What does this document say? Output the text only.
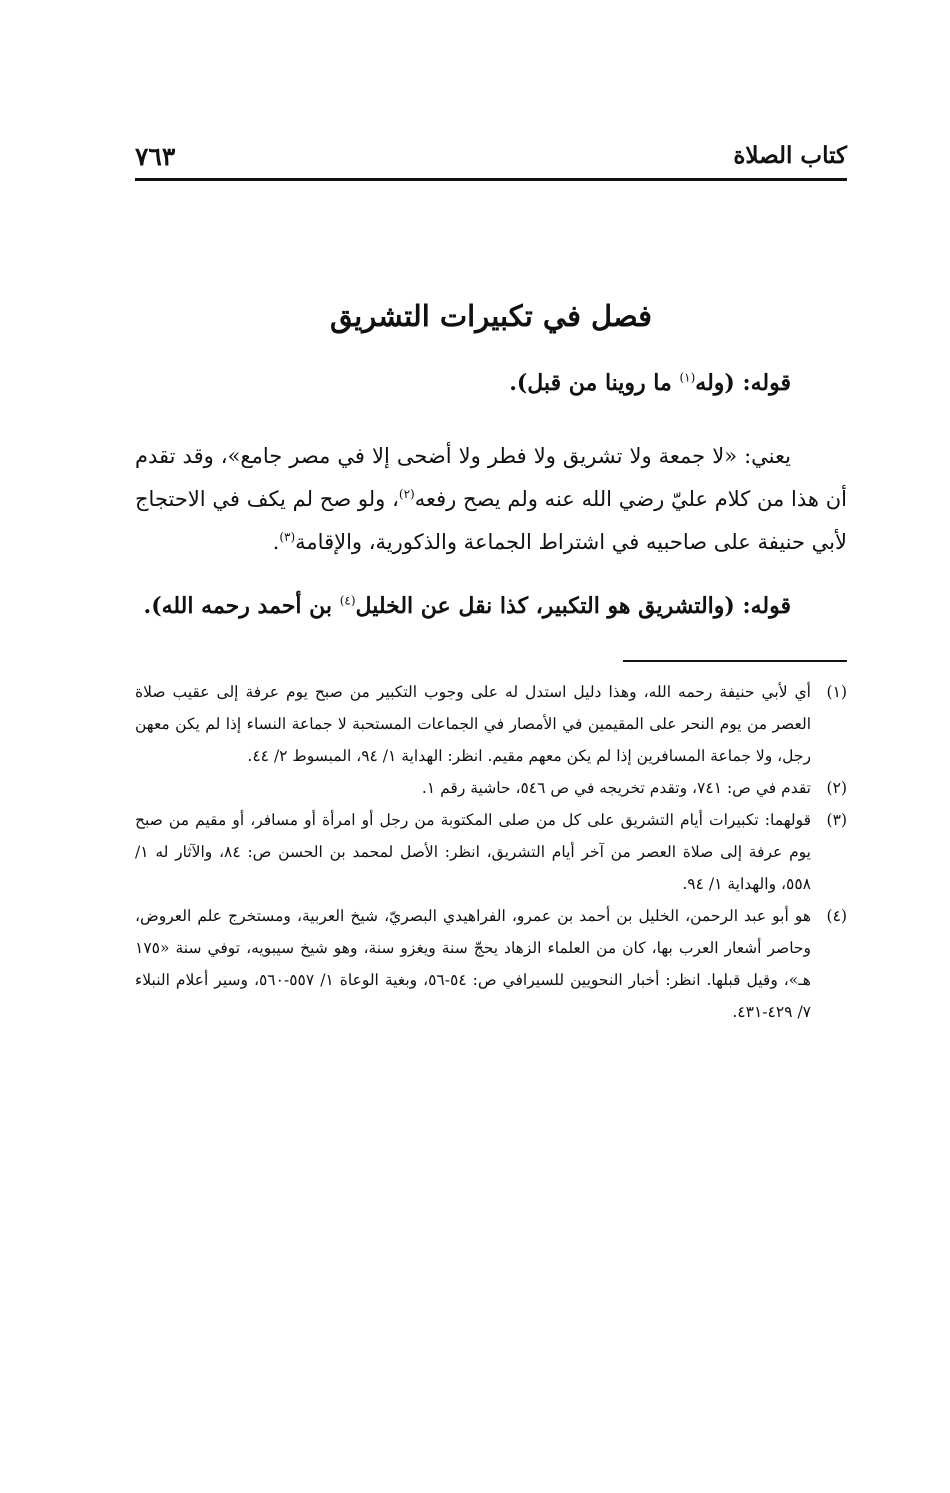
كتاب الصلاة
٧٦٣
فصل في تكبيرات التشريق

قوله: (وله$^{(١)}$ ما روينا من قبل).

يعني: «لا جمعة ولا تشريق ولا فطر ولا أضحى إلا في مصر جامع»، وقد تقدم أن هذا من كلام عليّ رضي الله عنه ولم يصح رفعه$^{(٢)}$، ولو صح لم يكف في الاحتجاج لأبي حنيفة على صاحبيه في اشتراط الجماعة والذكورية، والإقامة$^{(٣)}$.

قوله: (والتشريق هو التكبير، كذا نقل عن الخليل$^{(٤)}$ بن أحمد رحمه الله).

(١)
أي لأبي حنيفة رحمه الله، وهذا دليل استدل له على وجوب التكبير من صبح يوم عرفة إلى عقيب صلاة العصر من يوم النحر على المقيمين في الأمصار في الجماعات المستحبة لا جماعة النساء إذا لم يكن معهن رجل، ولا جماعة المسافرين إذا لم يكن معهم مقيم. انظر: الهداية ١/ ٩٤، المبسوط ٢/ ٤٤.
(٢)
تقدم في ص: ٧٤١، وتقدم تخريجه في ص ٥٤٦، حاشية رقم ١.
(٣)
قولهما: تكبيرات أيام التشريق على كل من صلى المكتوبة من رجل أو امرأة أو مسافر، أو مقيم من صبح يوم عرفة إلى صلاة العصر من آخر أيام التشريق، انظر: الأصل لمحمد بن الحسن ص: ٨٤، والآثار له ١/ ٥٥٨، والهداية ١/ ٩٤.
(٤)
هو أبو عبد الرحمن، الخليل بن أحمد بن عمرو، الفراهيدي البصريّ، شيخ العربية، ومستخرج علم العروض، وحاصر أشعار العرب بها، كان من العلماء الزهاد يحجّ سنة ويغزو سنة، وهو شيخ سيبويه، توفي سنة «١٧٥ هـ»، وقيل قبلها. انظر: أخبار النحويين للسيرافي ص: ٥٤-٥٦، وبغية الوعاة ١/ ٥٥٧-٥٦٠، وسير أعلام النبلاء ٧/ ٤٢٩-٤٣١.
